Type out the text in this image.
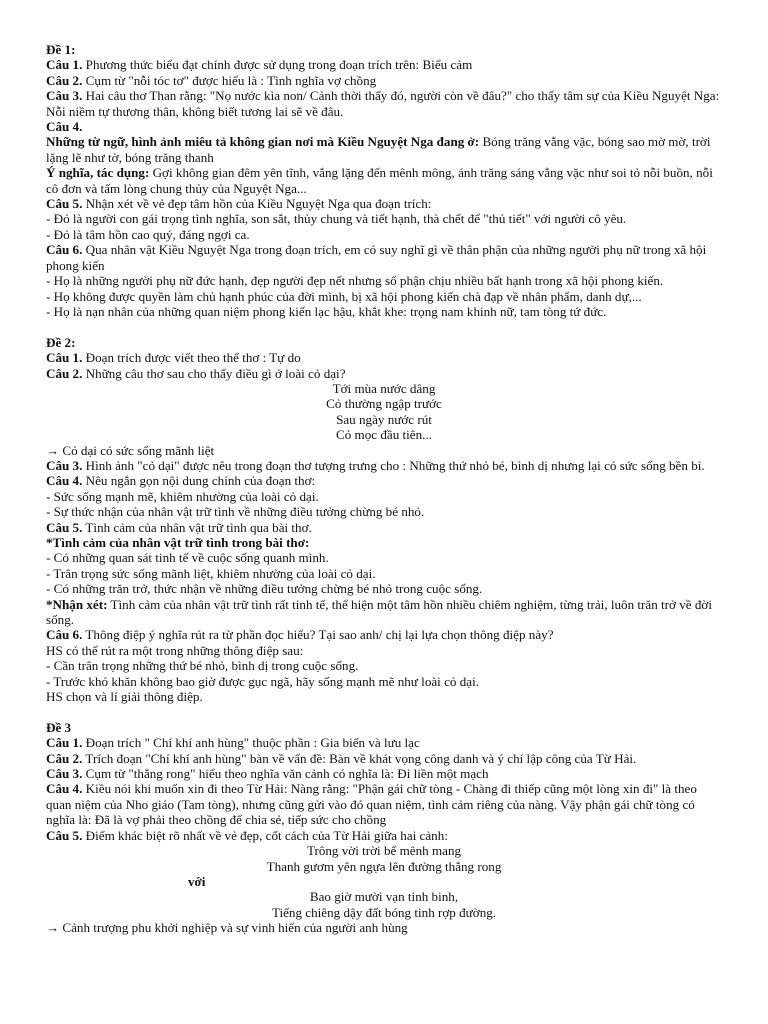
Đề 1:
Câu 1. Phương thức biểu đạt chính được sử dụng trong đoạn trích trên: Biểu cảm
Câu 2. Cụm từ "nỗi tóc tơ" được hiểu là : Tình nghĩa vợ chồng
Câu 3. Hai câu thơ Than rằng: "Nọ nước kìa non/ Cảnh thời thấy đó, người còn về đâu?" cho thấy tâm sự của Kiều Nguyệt Nga: Nỗi niềm tự thương thân, không biết tương lai sẽ về đâu.
Câu 4.
Những từ ngữ, hình ảnh miêu tả không gian nơi mà Kiều Nguyệt Nga đang ở: Bóng trăng vằng vặc, bóng sao mờ mờ, trời lặng lẽ như tờ, bóng trăng thanh
Ý nghĩa, tác dụng: Gợi không gian đêm yên tĩnh, vắng lặng đến mênh mông, ánh trăng sáng vằng vặc như soi tỏ nỗi buồn, nỗi cô đơn và tấm lòng chung thủy của Nguyệt Nga...
Câu 5. Nhận xét về vẻ đẹp tâm hồn của Kiều Nguyệt Nga qua đoạn trích:
- Đó là người con gái trọng tình nghĩa, son sắt, thủy chung và tiết hạnh, thà chết để "thủ tiết" với người cô yêu.
- Đó là tâm hồn cao quý, đáng ngợi ca.
Câu 6. Qua nhân vật Kiều Nguyệt Nga trong đoạn trích, em có suy nghĩ gì về thân phận của những người phụ nữ trong xã hội phong kiến
- Họ là những người phụ nữ đức hạnh, đẹp người đẹp nết nhưng số phận chịu nhiều bất hạnh trong xã hội phong kiến.
- Họ không được quyền làm chủ hạnh phúc của đời mình, bị xã hội phong kiến chà đạp về nhân phẩm, danh dự,...
- Họ là nạn nhân của những quan niệm phong kiến lạc hậu, khắt khe: trọng nam khinh nữ, tam tòng tứ đức.
Đề 2:
Câu 1. Đoạn trích được viết theo thể thơ : Tự do
Câu 2. Những câu thơ sau cho thấy điều gì ở loài cỏ dại?
Tới mùa nước dâng
Cỏ thường ngập trước
Sau ngày nước rút
Cỏ mọc đầu tiên...
→ Cỏ dại có sức sống mãnh liệt
Câu 3. Hình ảnh "cỏ dại" được nêu trong đoạn thơ tượng trưng cho : Những thứ nhỏ bé, bình dị nhưng lại có sức sống bền bỉ.
Câu 4. Nêu ngắn gọn nội dung chính của đoạn thơ:
- Sức sống mạnh mẽ, khiêm nhường của loài cỏ dại.
- Sự thức nhận của nhân vật trữ tình về những điều tưởng chừng bé nhỏ.
Câu 5. Tình cảm của nhân vật trữ tình qua bài thơ.
*Tình cảm của nhân vật trữ tình trong bài thơ:
- Có những quan sát tinh tế về cuộc sống quanh mình.
- Trân trọng sức sống mãnh liệt, khiêm nhường của loài cỏ dại.
- Có những trăn trở, thức nhận về những điều tưởng chừng bé nhỏ trong cuộc sống.
*Nhận xét: Tình cảm của nhân vật trữ tình rất tinh tế, thể hiện một tâm hồn nhiều chiêm nghiệm, từng trải, luôn trăn trở về đời sống.
Câu 6. Thông điệp ý nghĩa rút ra từ phần đọc hiểu? Tại sao anh/ chị lại lựa chọn thông điệp này?
HS có thể rút ra một trong những thông điệp sau:
- Cần trân trọng những thứ bé nhỏ, bình dị trong cuộc sống.
- Trước khó khăn không bao giờ được gục ngã, hãy sống mạnh mẽ như loài cỏ dại.
HS chọn và lí giải thông điệp.
Đề 3
Câu 1. Đoạn trích " Chí khí anh hùng" thuộc phần : Gia biến và lưu lạc
Câu 2. Trích đoạn "Chí khí anh hùng" bàn về vấn đề: Bàn về khát vọng công danh và ý chí lập công của Từ Hải.
Câu 3. Cụm từ "thẳng rong" hiểu theo nghĩa văn cảnh có nghĩa là: Đi liền một mạch
Câu 4. Kiều nói khi muốn xin đi theo Từ Hải: Nàng rằng: "Phận gái chữ tòng - Chàng đi thiếp cũng một lòng xin đi" là theo quan niệm của Nho giáo (Tam tòng), nhưng cũng gửi vào đó quan niệm, tình cảm riêng của nàng. Vậy phận gái chữ tòng có nghĩa là: Đã là vợ phải theo chồng để chia sẻ, tiếp sức cho chồng
Câu 5. Điểm khác biệt rõ nhất về vẻ đẹp, cốt cách của Từ Hải giữa hai cảnh:
Trông vời trời bể mênh mang
Thanh gươm yên ngựa lên đường thẳng rong
với
Bao giờ mười vạn tinh binh,
Tiếng chiêng dậy đất bóng tinh rợp đường.
→ Cảnh trượng phu khởi nghiệp và sự vinh hiển của người anh hùng
